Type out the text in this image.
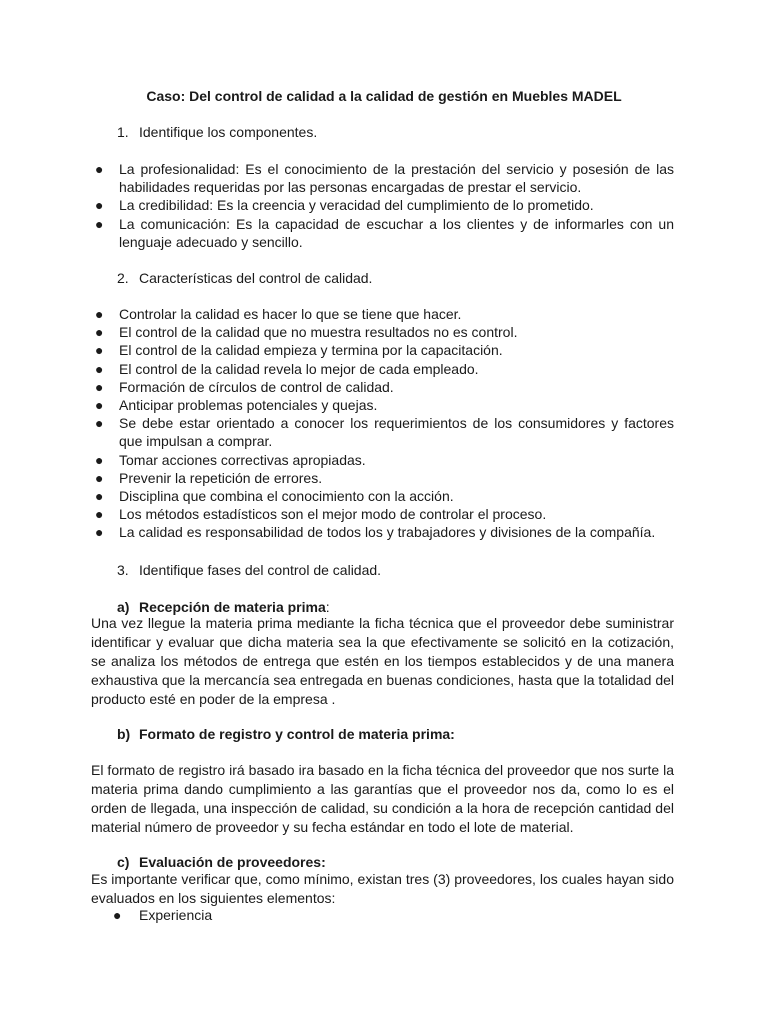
Caso: Del control de calidad a la calidad de gestión en Muebles MADEL
1. Identifique los componentes.
● La profesionalidad: Es el conocimiento de la prestación del servicio y posesión de las habilidades requeridas por las personas encargadas de prestar el servicio.
● La credibilidad: Es la creencia y veracidad del cumplimiento de lo prometido.
● La comunicación: Es la capacidad de escuchar a los clientes y de informarles con un lenguaje adecuado y sencillo.
2. Características del control de calidad.
● Controlar la calidad es hacer lo que se tiene que hacer.
● El control de la calidad que no muestra resultados no es control.
● El control de la calidad empieza y termina por la capacitación.
● El control de la calidad revela lo mejor de cada empleado.
● Formación de círculos de control de calidad.
● Anticipar problemas potenciales y quejas.
● Se debe estar orientado a conocer los requerimientos de los consumidores y factores que impulsan a comprar.
● Tomar acciones correctivas apropiadas.
● Prevenir la repetición de errores.
● Disciplina que combina el conocimiento con la acción.
● Los métodos estadísticos son el mejor modo de controlar el proceso.
● La calidad es responsabilidad de todos los y trabajadores y divisiones de la compañía.
3. Identifique fases del control de calidad.
a) Recepción de materia prima:

Una vez llegue la materia prima mediante la ficha técnica que el proveedor debe suministrar identificar y evaluar que dicha materia sea la que efectivamente se solicitó en la cotización, se analiza los métodos de entrega que estén en los tiempos establecidos y de una manera exhaustiva que la mercancía sea entregada en buenas condiciones, hasta que la totalidad del producto esté en poder de la empresa .

b) Formato de registro y control de materia prima:

El formato de registro irá basado ira basado en la ficha técnica del proveedor que nos surte la materia prima dando cumplimiento a las garantías que el proveedor nos da, como lo es el orden de llegada, una inspección de calidad, su condición a la hora de recepción cantidad del material número de proveedor y su fecha estándar en todo el lote de material.

c) Evaluación de proveedores:

Es importante verificar que, como mínimo, existan tres (3) proveedores, los cuales hayan sido evaluados en los siguientes elementos:

● Experiencia
